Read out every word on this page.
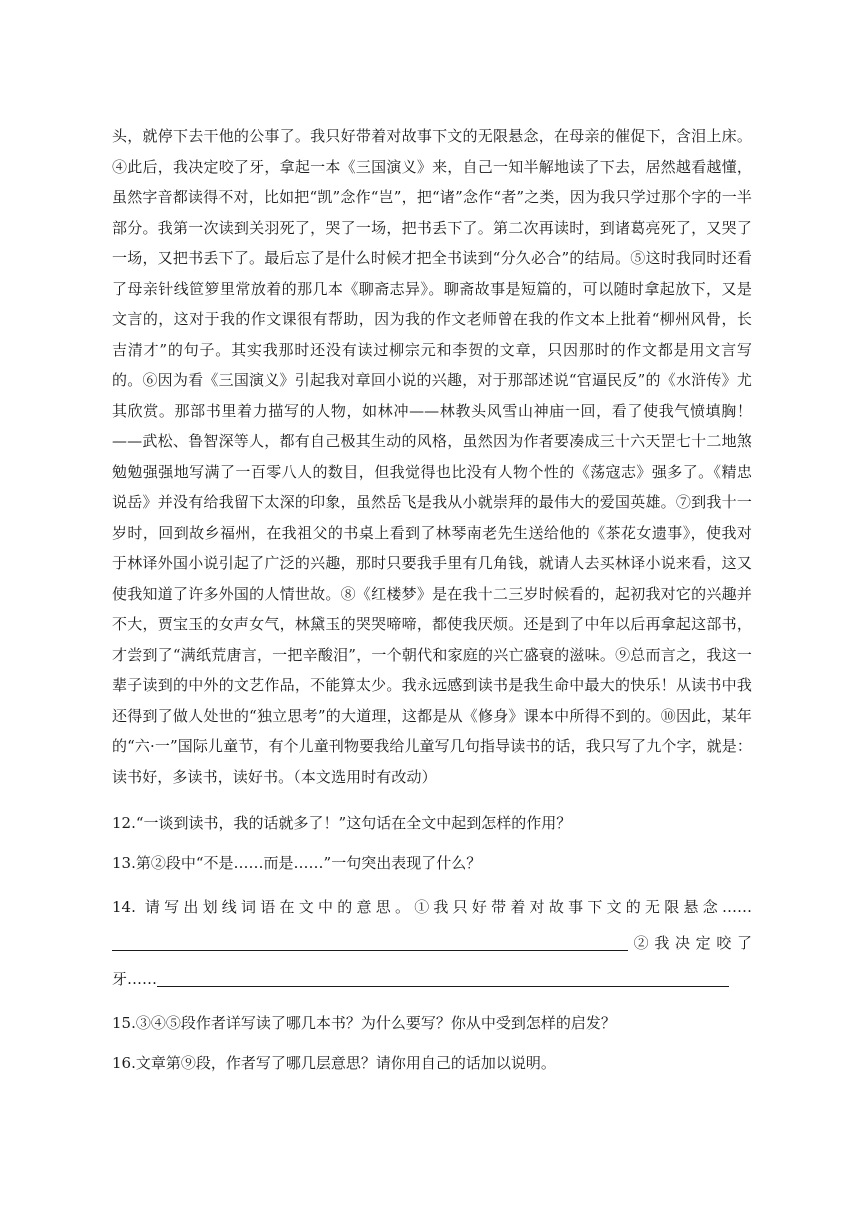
头，就停下去干他的公事了。我只好带着对故事下文的无限悬念，在母亲的催促下，含泪上床。④此后，我决定咬了牙，拿起一本《三国演义》来，自己一知半解地读了下去，居然越看越懂，虽然字音都读得不对，比如把“凯”念作“岂”，把“诸”念作“者”之类，因为我只学过那个字的一半部分。我第一次读到关羽死了，哭了一场，把书丢下了。第二次再读时，到诸葛亮死了，又哭了一场，又把书丢下了。最后忘了是什么时候才把全书读到“分久必合”的结局。⑤这时我同时还看了母亲针线笸箩里常放着的那几本《聊斋志异》。聊斋故事是短篇的，可以随时拿起放下，又是文言的，这对于我的作文课很有帮助，因为我的作文老师曾在我的作文本上批着“柳州风骨，长吉清才”的句子。其实我那时还没有读过柳宗元和李贺的文章，只因那时的作文都是用文言写的。⑥因为看《三国演义》引起我对章回小说的兴趣，对于那部述说“官逼民反”的《水浒传》尤其欣赏。那部书里着力描写的人物，如林冲——林教头风雪山神庙一回，看了使我气愤填胸！——武松、鲁智深等人，都有自己极其生动的风格，虽然因为作者要凑成三十六天罡七十二地煞勉勉强强地写满了一百零八人的数目，但我觉得也比没有人物个性的《荡寇志》强多了。《精忠说岳》并没有给我留下太深的印象，虽然岳飞是我从小就崇拜的最伟大的爱国英雄。⑦到我十一岁时，回到故乡福州，在我祖父的书桌上看到了林琴南老先生送给他的《茶花女遗事》，使我对于林译外国小说引起了广泛的兴趣，那时只要我手里有几角钱，就请人去买林译小说来看，这又使我知道了许多外国的人情世故。⑧《红楼梦》是在我十二三岁时候看的，起初我对它的兴趣并不大，贾宝玉的女声女气，林黛玉的哭哭啼啼，都使我厌烦。还是到了中年以后再拿起这部书，才尝到了“满纸荒唐言，一把辛酸泪”，一个朝代和家庭的兴亡盛衰的滋味。⑨总而言之，我这一辈子读到的中外的文艺作品，不能算太少。我永远感到读书是我生命中最大的快乐！从读书中我还得到了做人处世的“独立思考”的大道理，这都是从《修身》课本中所得不到的。⑩因此，某年的“六·一”国际儿童节，有个儿童刊物要我给儿童写几句指导读书的话，我只写了九个字，就是：读书好，多读书，读好书。（本文选用时有改动）

12.“一谈到读书，我的话就多了！”这句话在全文中起到怎样的作用？

13.第②段中“不是……而是……”一句突出表现了什么？

14. 请写出划线词语在文中的意思。①我只好带着对故事下文的无限悬念……②我决定咬了牙……

15.③④⑤段作者详写读了哪几本书？为什么要写？你从中受到怎样的启发？

16.文章第⑨段，作者写了哪几层意思？请你用自己的话加以说明。
